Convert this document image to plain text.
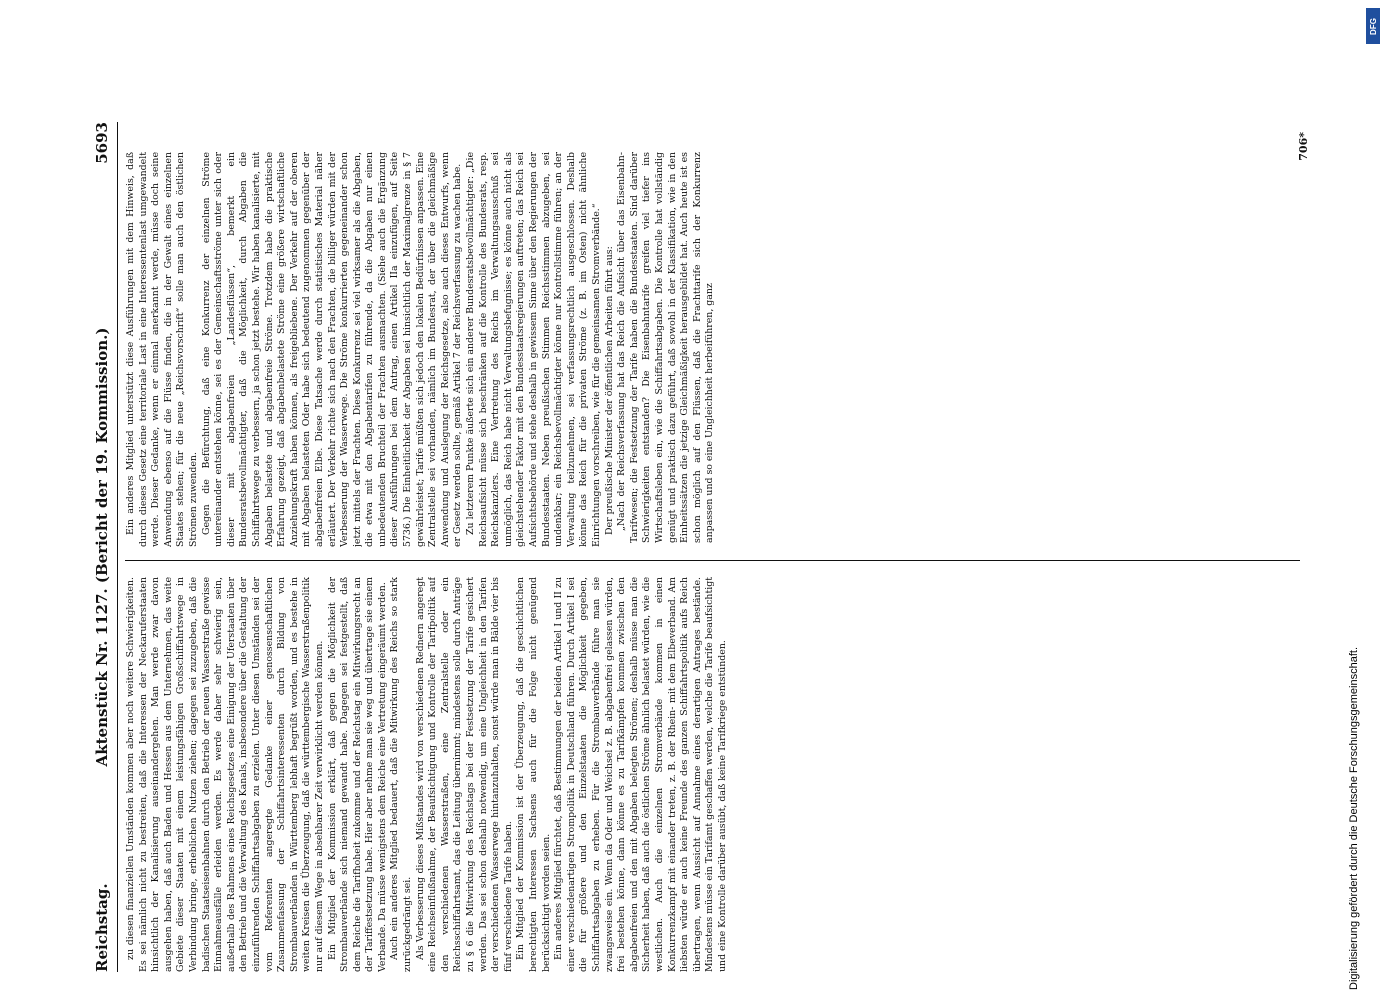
Reichstag.
Aktenstück Nr. 1127. (Bericht der 19. Kommission.)
5693

zu diesen finanziellen Umständen kommen aber noch weitere Schwierigkeiten. Es sei nämlich nicht zu bestreiten, daß die Interessen der Neckaruferstaaten hinsichtlich der Kanalisierung auseinandergehen. Man werde zwar davon ausgehen haben, daß auch Baden und Hessen aus dem Unternehmen, das weite Gebiete dieser Staaten mit einem leistungsfähigen Großschiffahrtswege in Verbindung bringe, erheblichen Nutzen ziehen; dagegen sei zuzugeben, daß die badischen Staatseisenbahnen durch den Betrieb der neuen Wasserstraße gewisse Einnahmeausfälle erleiden werden. Es werde daher sehr schwierig sein, außerhalb des Rahmens eines Reichsgesetzes eine Einigung der Uferstaaten über den Betrieb und die Verwaltung des Kanals, insbesondere über die Gestaltung der einzuführenden Schiffahrtsabgaben zu erzielen. Unter diesen Umständen sei der vom Referenten angeregte Gedanke einer genossenschaftlichen Zusammenfassung der Schiffahrtsinteressenten durch Bildung von Strombauverbänden in Württemberg lebhaft begrüßt worden, und es bestehe in weiten Kreisen die Überzeugung, daß die württembergische Wasserstraßenpolitik nur auf diesem Wege in absehbarer Zeit verwirklicht werden können. Ein Mitglied der Kommission erklärt, daß gegen die Möglichkeit der Strombauverbände sich niemand gewandt habe. Dagegen sei festgestellt, daß dem Reiche die Tarifhoheit zukomme und der Reichstag ein Mitwirkungsrecht an der Tariffestsetzung habe. Hier aber nehme man sie weg und übertrage sie einem Verbande. Da müsse wenigstens dem Reiche eine Vertretung eingeräumt werden. Auch ein anderes Mitglied bedauert, daß die Mitwirkung des Reichs so stark zurückgedrängt sei. Als Verbesserung dieses Mißstandes wird von verschiedenen Rednern angeregt eine Reichseinflußnahme, der Beaufsichtigung und Kontrolle der Tarifpolitik auf den verschiedenen Wasserstraßen, eine Zentralstelle oder ein Reichsschiffahrtsamt, das die Leitung übernimmt; mindestens solle durch Anträge zu § 6 die Mitwirkung des Reichstags bei der Festsetzung der Tarife gesichert werden. Das sei schon deshalb notwendig, um eine Ungleichheit in den Tarifen der verschiedenen Wasserwege hintanzuhalten, sonst würde man in Bälde vier bis fünf verschiedene Tarife haben. Ein Mitglied der Kommission ist der Überzeugung, daß die geschichtlichen berechtigten Interessen Sachsens auch für die Folge nicht genügend berücksichtigt worden seien. Ein anderes Mitglied fürchtet, daß Bestimmungen der beiden Artikel I und II zu einer verschiedenartigen Strompolitik in Deutschland führen. Durch Artikel I sei die für größere und den Einzelstaaten die Möglichkeit gegeben, Schiffahrtsabgaben zu erheben. Für die Strombauverbände führe man sie zwangsweise ein. Wenn da Oder und Weichsel z. B. abgabenfrei gelassen würden, frei bestehen könne, dann könne es zu Tarifkämpfen kommen zwischen den abgabenfreien und den mit Abgaben belegten Strömen; deshalb müsse man die Sicherheit haben, daß auch die östlichen Ströme ähnlich belastet würden, wie die westlichen. Auch die einzelnen Stromverbände kommen in einen Konkurrenzkampf mit einander treten, z. B. der Rhein- mit dem Elbeverband. Am liebsten würde er auch keine Freunde des ganzen Schiffahrtspolitik aufs Reich übertragen, wenn Aussicht auf Annahme eines derartigen Antrages bestände. Mindestens müsse ein Tarifamt geschaffen werden, welche die Tarife beaufsichtigt und eine Kontrolle darüber ausübt, daß keine Tarifkriege entstünden.

Ein anderes Mitglied unterstützt diese Ausführungen mit dem Hinweis, daß durch dieses Gesetz eine territoriale Last in eine Interessentenlast umgewandelt werde. Dieser Gedanke, wenn er einmal anerkannt werde, müsse doch seine Anwendung ebenso auf die Flüsse finden, die in der Gewalt eines einzelnen Staates stehen; für die neue „Reichsvorschrift“ solle man auch den östlichen Strömen zuwenden. Gegen die Befürchtung, daß eine Konkurrenz der einzelnen Ströme untereinander entstehen könne, sei es der Gemeinschaftsströme unter sich oder dieser mit abgabenfreien „Landesflüssen“, bemerkt ein Bundesratsbevollmächtigter, daß die Möglichkeit, durch Abgaben die Schiffahrtswege zu verbessern, ja schon jetzt bestehe. Wir haben kanalisierte, mit Abgaben belastete und abgabenfreie Ströme. Trotzdem habe die praktische Erfahrung gezeigt, daß abgabenbelastete Ströme eine größere wirtschaftliche Anziehungskraft haben können, als freigebliebene. Der Verkehr auf der oberen mit Abgaben belasteten Oder habe sich bedeutend zugenommen gegenüber der abgabenfreien Elbe. Diese Tatsache werde durch statistisches Material näher erläutert. Der Verkehr richte sich nach den Frachten, die billiger würden mit der Verbesserung der Wasserwege. Die Ströme konkurrierten gegeneinander schon jetzt mittels der Frachten. Diese Konkurrenz sei viel wirksamer als die Abgaben, die etwa mit den Abgabentarifen zu führende, da die Abgaben nur einen unbedeutenden Bruchteil der Frachten ausmachten. (Siehe auch die Ergänzung dieser Ausführungen bei dem Antrag, einen Artikel IIa einzufügen, auf Seite 5736.) Die Einheitlichkeit der Abgaben sei hinsichtlich der Maximalgrenze in § 7 gewährleistet; Tarife müßten sich jedoch den lokalen Bedürfnissen anpassen. Eine Zentralstelle sei vorhanden, nämlich im Bundesrat, der über die gleichmäßige Anwendung und Auslegung der Reichsgesetze, also auch dieses Entwurfs, wenn er Gesetz werden sollte, gemäß Artikel 7 der Reichsverfassung zu wachen habe. Zu letzterem Punkte äußerte sich ein anderer Bundesratsbevollmächtigter: „Die Reichsaufsicht müsse sich beschränken auf die Kontrolle des Bundesrats, resp. Reichskanzlers. Eine Vertretung des Reichs im Verwaltungsausschuß sei unmöglich, das Reich habe nicht Verwaltungsbefugnisse; es könne auch nicht als gleichstehender Faktor mit den Bundesstaatsregierungen auftreten; das Reich sei Aufsichtsbehörde und stehe deshalb in gewissem Sinne über den Regierungen der Bundesstaaten. Neben preußischen Stimmen Reichsstimmen abzugeben, sei undenkbar; ein Reichsbevollmächtigter könne nur Kontrollstimme führen; an der Verwaltung teilzunehmen, sei verfassungsrechtlich ausgeschlossen. Deshalb könne das Reich für die privaten Ströme (z. B. im Osten) nicht ähnliche Einrichtungen vorschreiben, wie für die gemeinsamen Stromverbände.“ Der preußische Minister der öffentlichen Arbeiten führt aus: „Nach der Reichsverfassung hat das Reich die Aufsicht über das Eisenbahn-Tarifwesen; die Festsetzung der Tarife haben die Bundesstaaten. Sind darüber Schwierigkeiten entstanden? Die Eisenbahntarife greifen viel tiefer ins Wirtschaftsleben ein, wie die Schiffahrtsabgaben. Die Kontrolle hat vollständig genügt und praktisch dazu geführt, daß sowohl in der Klassifikation, wie in den Einheitssätzen die jetzige Gleichmäßigkeit herausgebildet hat. Auch heute ist es schon möglich auf den Flüssen, daß die Frachttarife sich der Konkurrenz anpassen und so eine Ungleichheit herbeiführen, ganz

706*
Digitalisierung gefördert durch die Deutsche Forschungsgemeinschaft.
DFG
